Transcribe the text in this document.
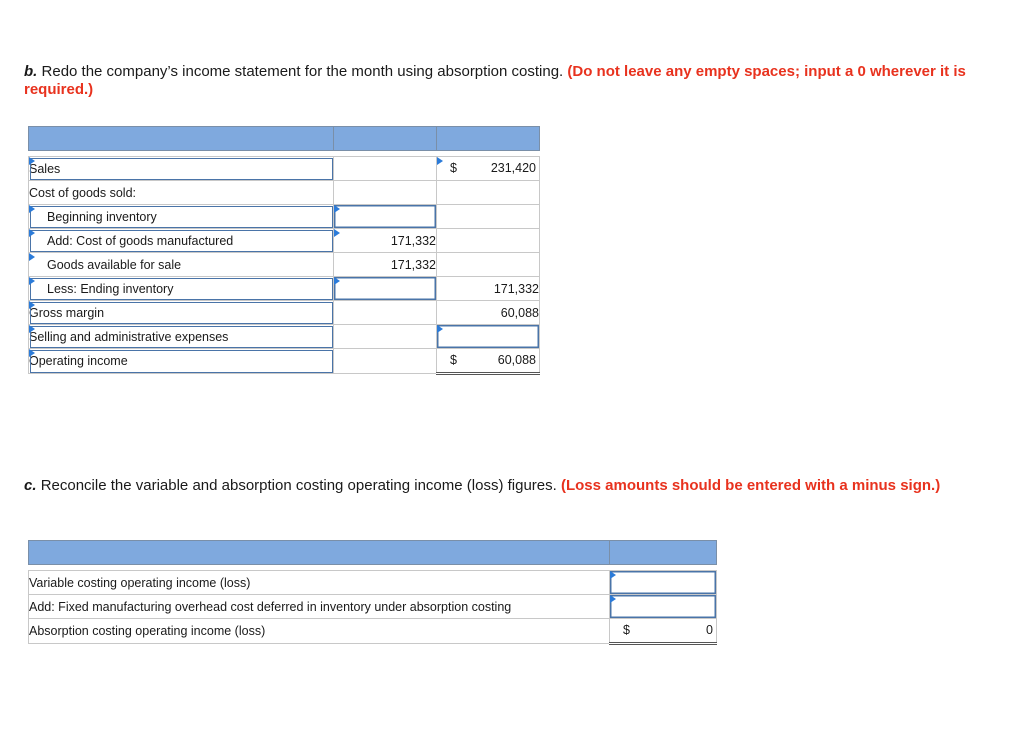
b. Redo the company’s income statement for the month using absorption costing. (Do not leave any empty spaces; input a 0 wherever it is required.)

Sales		$ 231,420

Cost of goods sold:		
Beginning inventory		
Add: Cost of goods manufactured	171,332	
Goods available for sale	171,332	
Less: Ending inventory		171,332
Gross margin		60,088
Selling and administrative expenses		
Operating income		$ 60,088
c. Reconcile the variable and absorption costing operating income (loss) figures. (Loss amounts should be entered with a minus sign.)

Variable costing operating income (loss)	
Add: Fixed manufacturing overhead cost deferred in inventory under absorption costing	
Absorption costing operating income (loss)	$ 0
